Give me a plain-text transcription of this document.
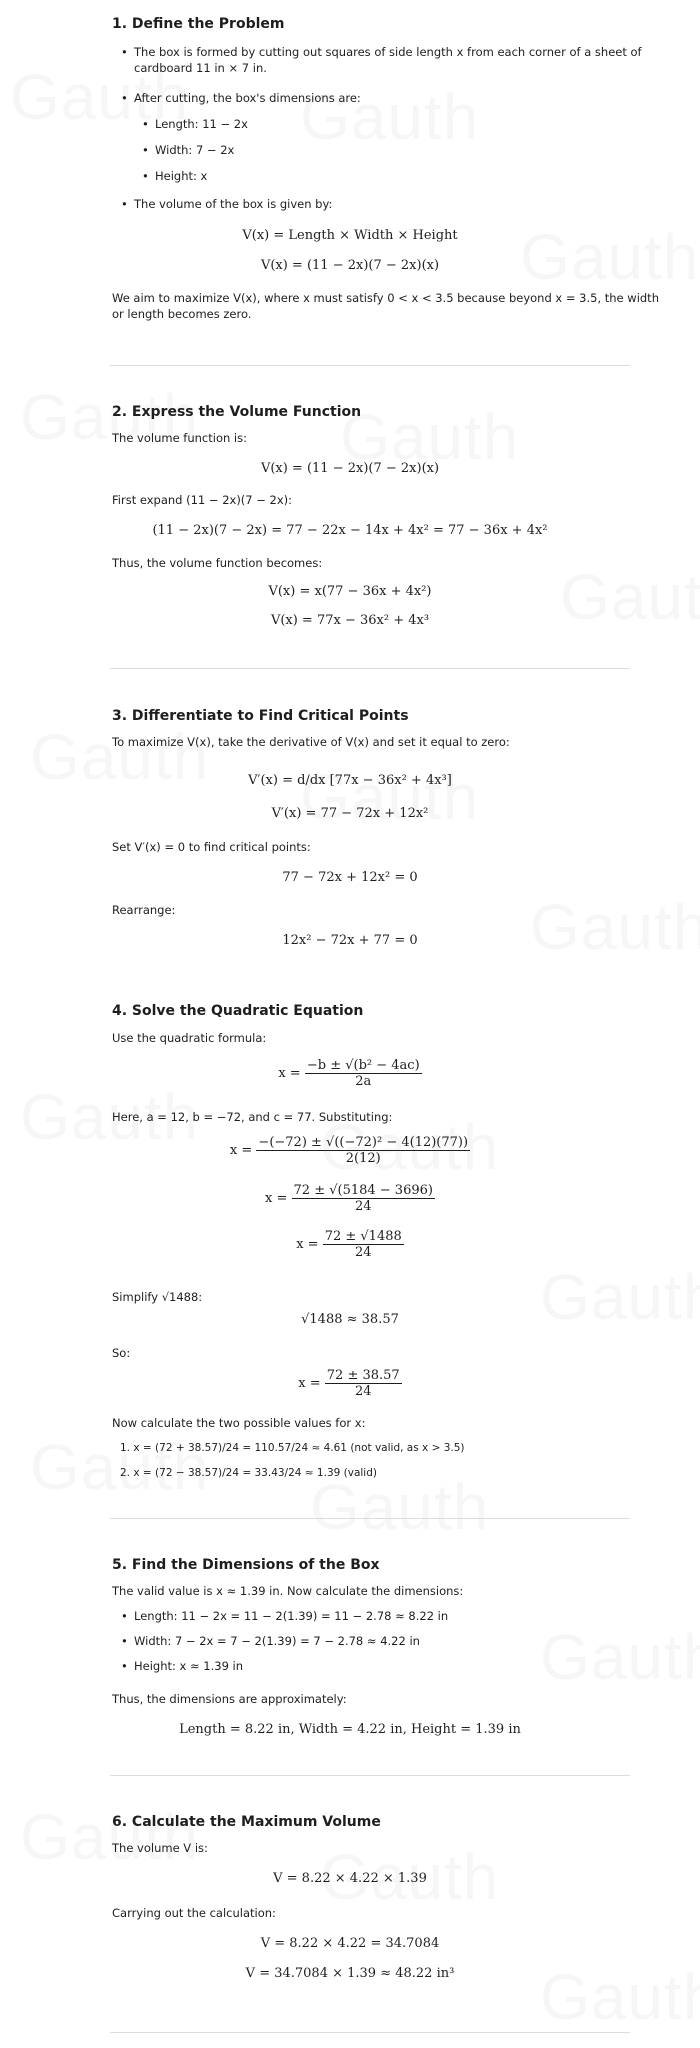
1. Define the Problem
• The box is formed by cutting out squares of side length x from each corner of a sheet of
cardboard 11 in × 7 in.
• After cutting, the box's dimensions are:
• Length: 11 − 2x
• Width: 7 − 2x
• Height: x
• The volume of the box is given by:
V(x) = Length × Width × Height
V(x) = (11 − 2x)(7 − 2x)(x)
We aim to maximize V(x), where x must satisfy 0 < x < 3.5 because beyond x = 3.5, the width
or length becomes zero.
2. Express the Volume Function
The volume function is:
V(x) = (11 − 2x)(7 − 2x)(x)
First expand (11 − 2x)(7 − 2x):
(11 − 2x)(7 − 2x) = 77 − 22x − 14x + 4x² = 77 − 36x + 4x²
Thus, the volume function becomes:
V(x) = x(77 − 36x + 4x²)
V(x) = 77x − 36x² + 4x³
3. Differentiate to Find Critical Points
To maximize V(x), take the derivative of V(x) and set it equal to zero:
V′(x) = d/dx [77x − 36x² + 4x³]
V′(x) = 77 − 72x + 12x²
Set V′(x) = 0 to find critical points:
77 − 72x + 12x² = 0
Rearrange:
12x² − 72x + 77 = 0
4. Solve the Quadratic Equation
Use the quadratic formula:
$x = \frac{\text{−b ± √(b² − 4ac)}}{2a}$
Here, a = 12, b = −72, and c = 77. Substituting:
$x = \frac{\text{−(−72) ± √((−72)² − 4(12)(77))}}{2(12)}$
$x = \frac{72 \pm √(5184 - 3696)}{24}$
$x = \frac{72 \pm √1488}{24}$
Simplify √1488:
√1488 ≈ 38.57
So:
$x = \frac{72 \pm 38.57}{24}$
Now calculate the two possible values for x:
1. x = (72 + 38.57)/24 = 110.57/24 ≈ 4.61 (not valid, as x > 3.5)
2. x = (72 − 38.57)/24 = 33.43/24 ≈ 1.39 (valid)
5. Find the Dimensions of the Box
The valid value is x ≈ 1.39 in. Now calculate the dimensions:
• Length: 11 − 2x = 11 − 2(1.39) = 11 − 2.78 ≈ 8.22 in
• Width: 7 − 2x = 7 − 2(1.39) = 7 − 2.78 ≈ 4.22 in
• Height: x ≈ 1.39 in
Thus, the dimensions are approximately:
Length = 8.22 in, Width = 4.22 in, Height = 1.39 in
6. Calculate the Maximum Volume
The volume V is:
V = 8.22 × 4.22 × 1.39
Carrying out the calculation:
V = 8.22 × 4.22 = 34.7084
V = 34.7084 × 1.39 ≈ 48.22 in³
